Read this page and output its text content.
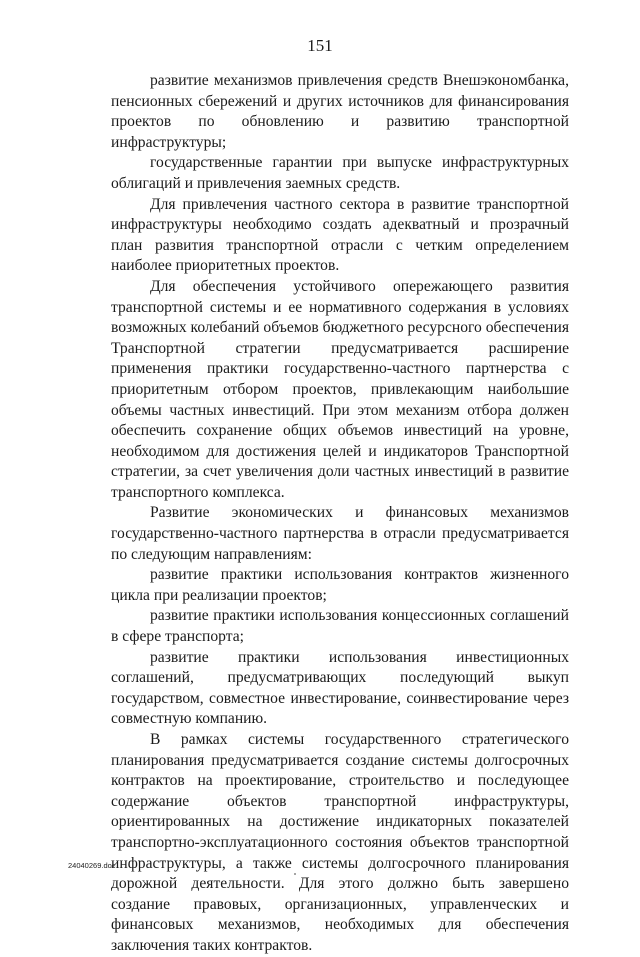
151

развитие механизмов привлечения средств Внешэкономбанка, пенсионных сбережений и других источников для финансирования проектов по обновлению и развитию транспортной инфраструктуры;

государственные гарантии при выпуске инфраструктурных облигаций и привлечения заемных средств.

Для привлечения частного сектора в развитие транспортной инфраструктуры необходимо создать адекватный и прозрачный план развития транспортной отрасли с четким определением наиболее приоритетных проектов.

Для обеспечения устойчивого опережающего развития транспортной системы и ее нормативного содержания в условиях возможных колебаний объемов бюджетного ресурсного обеспечения Транспортной стратегии предусматривается расширение применения практики государственно-частного партнерства с приоритетным отбором проектов, привлекающим наибольшие объемы частных инвестиций. При этом механизм отбора должен обеспечить сохранение общих объемов инвестиций на уровне, необходимом для достижения целей и индикаторов Транспортной стратегии, за счет увеличения доли частных инвестиций в развитие транспортного комплекса.

Развитие экономических и финансовых механизмов государственно-частного партнерства в отрасли предусматривается по следующим направлениям:

развитие практики использования контрактов жизненного цикла при реализации проектов;

развитие практики использования концессионных соглашений в сфере транспорта;

развитие практики использования инвестиционных соглашений, предусматривающих последующий выкуп государством, совместное инвестирование, соинвестирование через совместную компанию.

В рамках системы государственного стратегического планирования предусматривается создание системы долгосрочных контрактов на проектирование, строительство и последующее содержание объектов транспортной инфраструктуры, ориентированных на достижение индикаторных показателей транспортно-эксплуатационного состояния объектов транспортной инфраструктуры, а также системы долгосрочного планирования дорожной деятельности. Для этого должно быть завершено создание правовых, организационных, управленческих и финансовых механизмов, необходимых для обеспечения заключения таких контрактов.

24040269.doc
